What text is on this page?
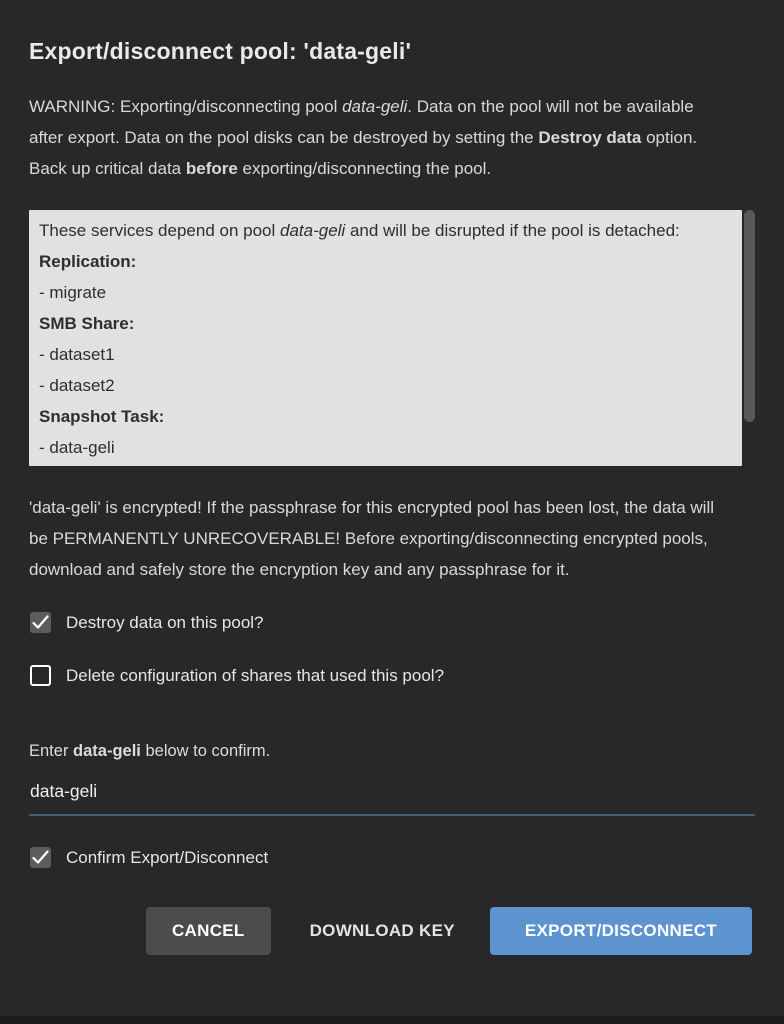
Export/disconnect pool: 'data-geli'

WARNING: Exporting/disconnecting pool data-geli. Data on the pool will not be available after export. Data on the pool disks can be destroyed by setting the Destroy data option. Back up critical data before exporting/disconnecting the pool.

These services depend on pool data-geli and will be disrupted if the pool is detached:
Replication:
- migrate
SMB Share:
- dataset1
- dataset2
Snapshot Task:
- data-geli

'data-geli' is encrypted! If the passphrase for this encrypted pool has been lost, the data will be PERMANENTLY UNRECOVERABLE! Before exporting/disconnecting encrypted pools, download and safely store the encryption key and any passphrase for it.

Destroy data on this pool?
Delete configuration of shares that used this pool?
Enter data-geli below to confirm.
data-geli
Confirm Export/Disconnect
CANCEL	DOWNLOAD KEY	EXPORT/DISCONNECT
